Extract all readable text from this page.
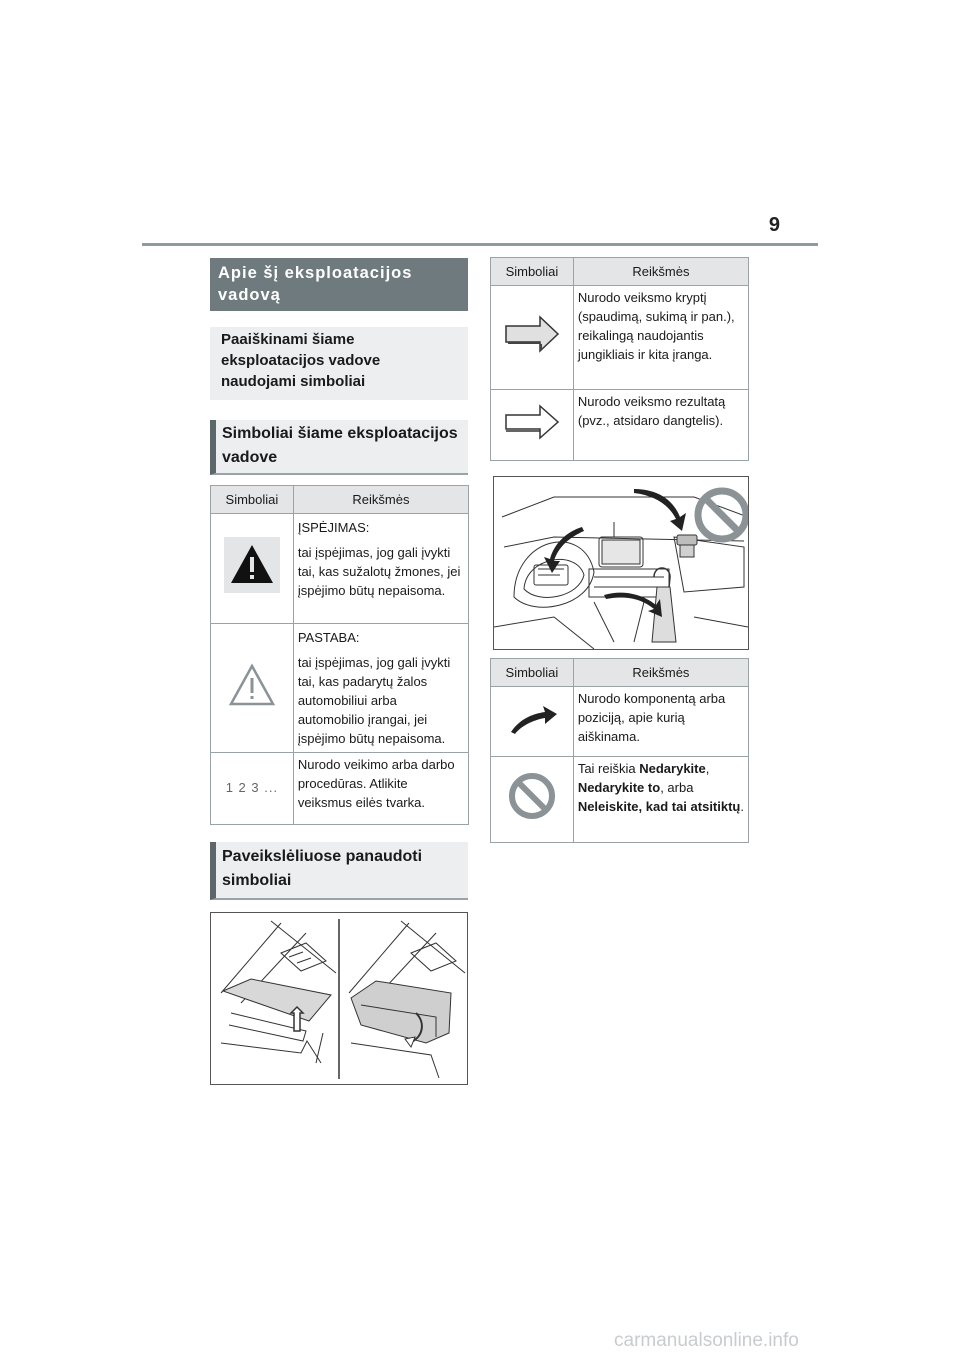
9
Apie šį eksploatacijos vadovą
Paaiškinami šiame eksploatacijos vadove naudojami simboliai
Simboliai šiame eksploatacijos vadove
Simboliai	Reikšmės

ĮSPĖJIMAS:
tai įspėjimas, jog gali įvykti tai, kas sužalotų žmones, jei įspėjimo būtų nepaisoma.

PASTABA:
tai įspėjimas, jog gali įvykti tai, kas padarytų žalos automobiliui arba automobilio įrangai, jei įspėjimo būtų nepaisoma.

1 2 3 ...	Nurodo veikimo arba darbo procedūras. Atlikite veiksmus eilės tvarka.
Paveikslėliuose panaudoti simboliai
Simboliai	Reikšmės

Nurodo veiksmo kryptį (spaudimą, sukimą ir pan.), reikalingą naudojantis jungikliais ir kita įranga.

Nurodo veiksmo rezultatą (pvz., atsidaro dangtelis).
Simboliai	Reikšmės

Nurodo komponentą arba poziciją, apie kurią aiškinama.

Tai reiškia Nedarykite, Nedarykite to, arba Neleiskite, kad tai atsitiktų.
carmanualsonline.info
